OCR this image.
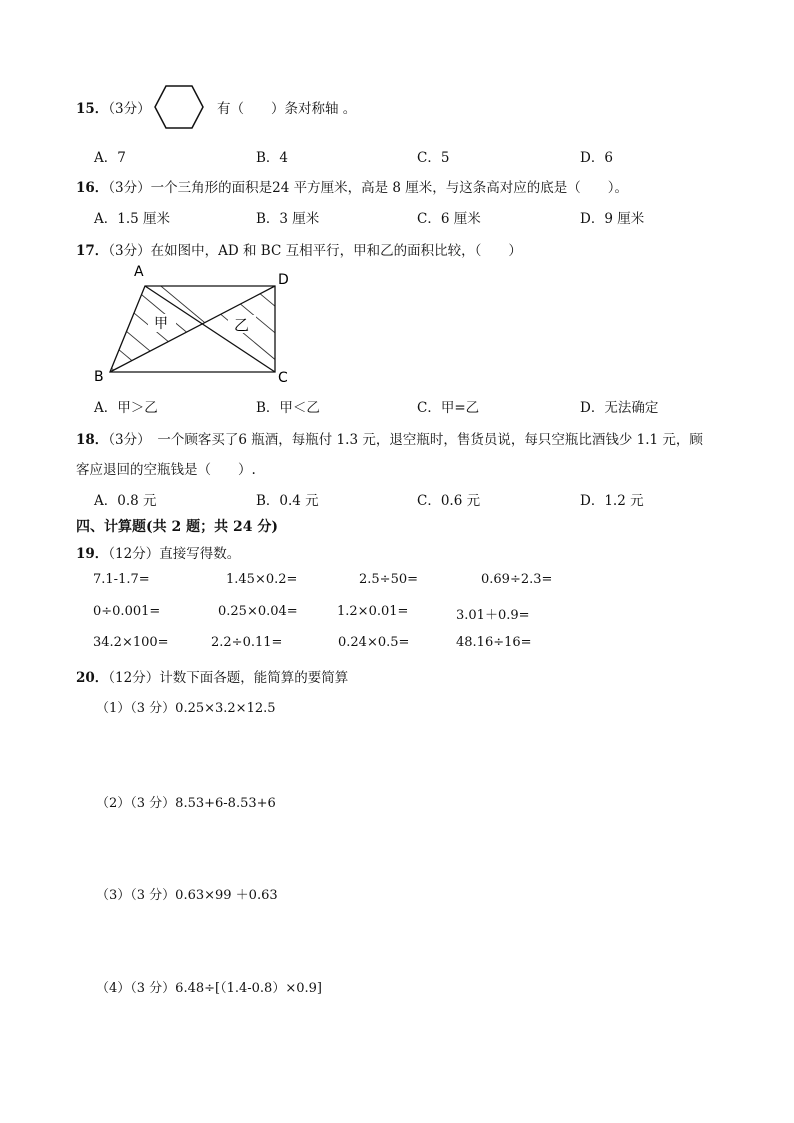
15．（3分）	有（　　）条对称轴 。
A．7	B．4	C．5	D．6
16．（3分）一个三角形的面积是24 平方厘米，高是 8 厘米，与这条高对应的底是（　　）。
A．1.5 厘米	B．3 厘米	C．6 厘米	D．9 厘米
17．（3分）在如图中，AD 和 BC 互相平行，甲和乙的面积比较，（　　）
A	D
B	C
甲	乙
A．甲＞乙	B．甲＜乙	C．甲=乙	D．无法确定
18．（3分）　一个顾客买了6 瓶酒，每瓶付 1.3 元，退空瓶时，售货员说，每只空瓶比酒钱少 1.1 元，顾
客应退回的空瓶钱是（　　）.
A．0.8 元	B．0.4 元	C．0.6 元	D．1.2 元
四、计算题(共 2 题；共 24 分)
19．（12分）直接写得数。
7.1-1.7=	1.45×0.2=	2.5÷50=	0.69÷2.3=
0÷0.001=	0.25×0.04=	1.2×0.01=	3.01＋0.9=
34.2×100=	2.2÷0.11=	0.24×0.5=	48.16÷16=
20．（12分）计数下面各题，能简算的要简算
（1）（3 分）0.25×3.2×12.5
（2）（3 分）8.53+6-8.53+6
（3）（3 分）0.63×99 ＋0.63
（4）（3 分）6.48÷[（1.4-0.8）×0.9]
